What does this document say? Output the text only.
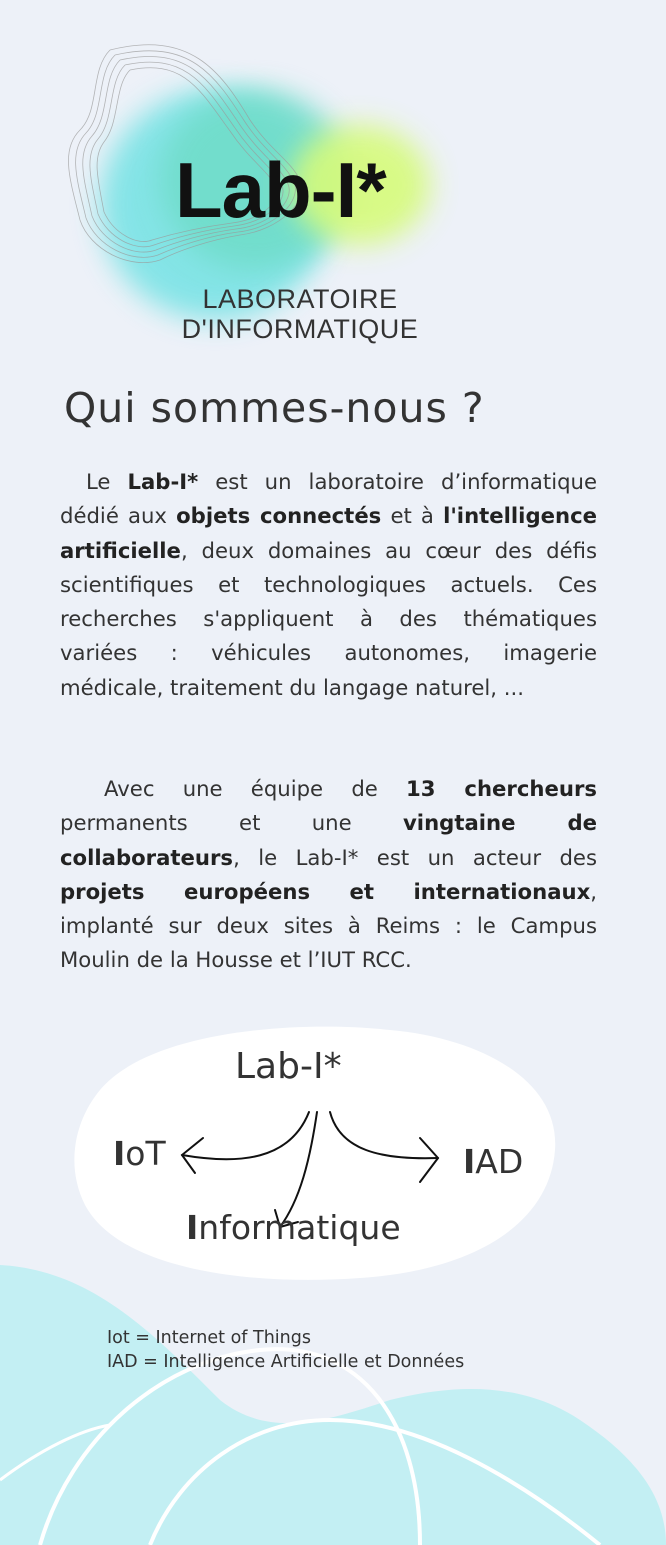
Lab-I*
LABORATOIRE
D'INFORMATIQUE
Qui sommes-nous ?

Le Lab-I* est un laboratoire d’informatique dédié aux objets connectés et à l'intelligence artificielle, deux domaines au cœur des défis scientifiques et technologiques actuels. Ces recherches s'appliquent à des thématiques variées : véhicules autonomes, imagerie médicale, traitement du langage naturel, ...

Avec une équipe de 13 chercheurs permanents et une vingtaine de collaborateurs, le Lab-I* est un acteur des projets européens et internationaux, implanté sur deux sites à Reims : le Campus Moulin de la Housse et l’IUT RCC.

Lab-I*
IoT	IAD
Informatique
Iot = Internet of Things
IAD = Intelligence Artificielle et Données
